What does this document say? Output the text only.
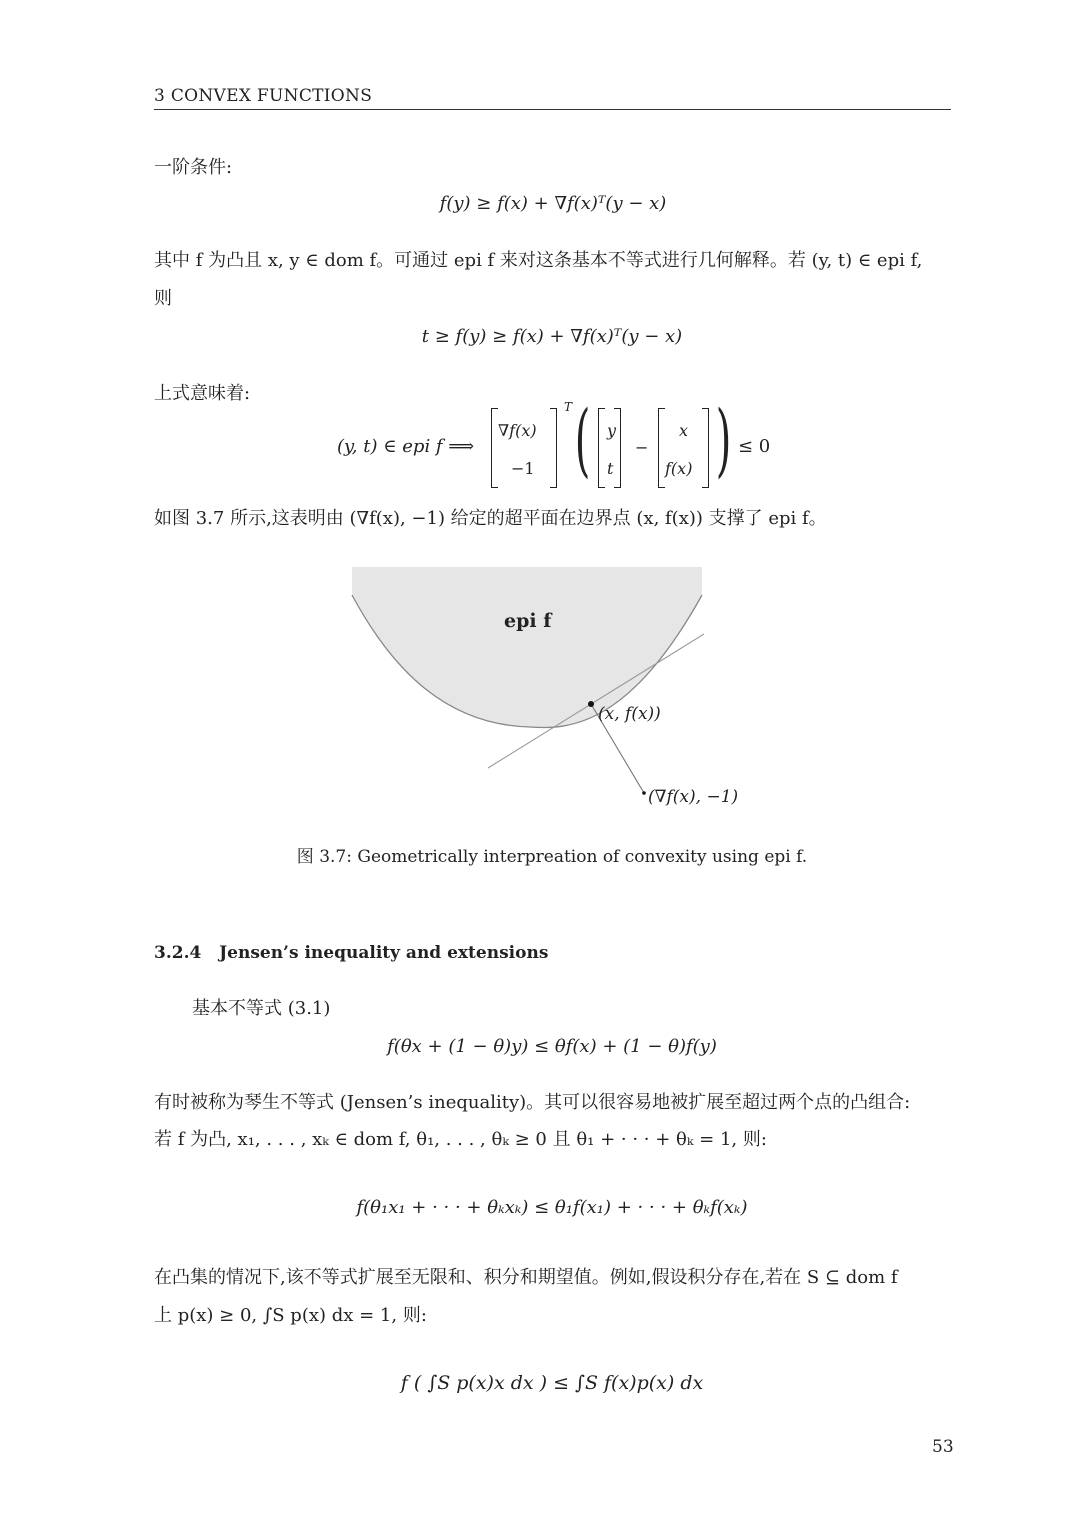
3 CONVEX FUNCTIONS
一阶条件:
f(y) ≥ f(x) + ∇f(x)ᵀ(y − x)
其中 f 为凸且 x, y ∈ dom f。可通过 epi f 来对这条基本不等式进行几何解释。若 (y, t) ∈ epi f,
则
t ≥ f(y) ≥ f(x) + ∇f(x)ᵀ(y − x)
上式意味着:
(y, t) ∈ epi f ⟹
∇f(x)
−1
T ( y
t
−
x
f(x) ) ≤ 0
如图 3.7 所示,这表明由 (∇f(x), −1) 给定的超平面在边界点 (x, f(x)) 支撑了 epi f。
epi f
(x, f(x))
(∇f(x), −1)
图 3.7: Geometrically interpreation of convexity using epi f.
3.2.4 Jensen’s inequality and extensions
基本不等式 (3.1)
f(θx + (1 − θ)y) ≤ θf(x) + (1 − θ)f(y)
有时被称为琴生不等式 (Jensen’s inequality)。其可以很容易地被扩展至超过两个点的凸组合:
若 f 为凸, x₁, . . . , xₖ ∈ dom f, θ₁, . . . , θₖ ≥ 0 且 θ₁ + · · · + θₖ = 1, 则:
f(θ₁x₁ + · · · + θₖxₖ) ≤ θ₁f(x₁) + · · · + θₖf(xₖ)
在凸集的情况下,该不等式扩展至无限和、积分和期望值。例如,假设积分存在,若在 S ⊆ dom f
上 p(x) ≥ 0, ∫S p(x) dx = 1, 则:
f ( ∫S p(x)x dx ) ≤ ∫S f(x)p(x) dx
53
